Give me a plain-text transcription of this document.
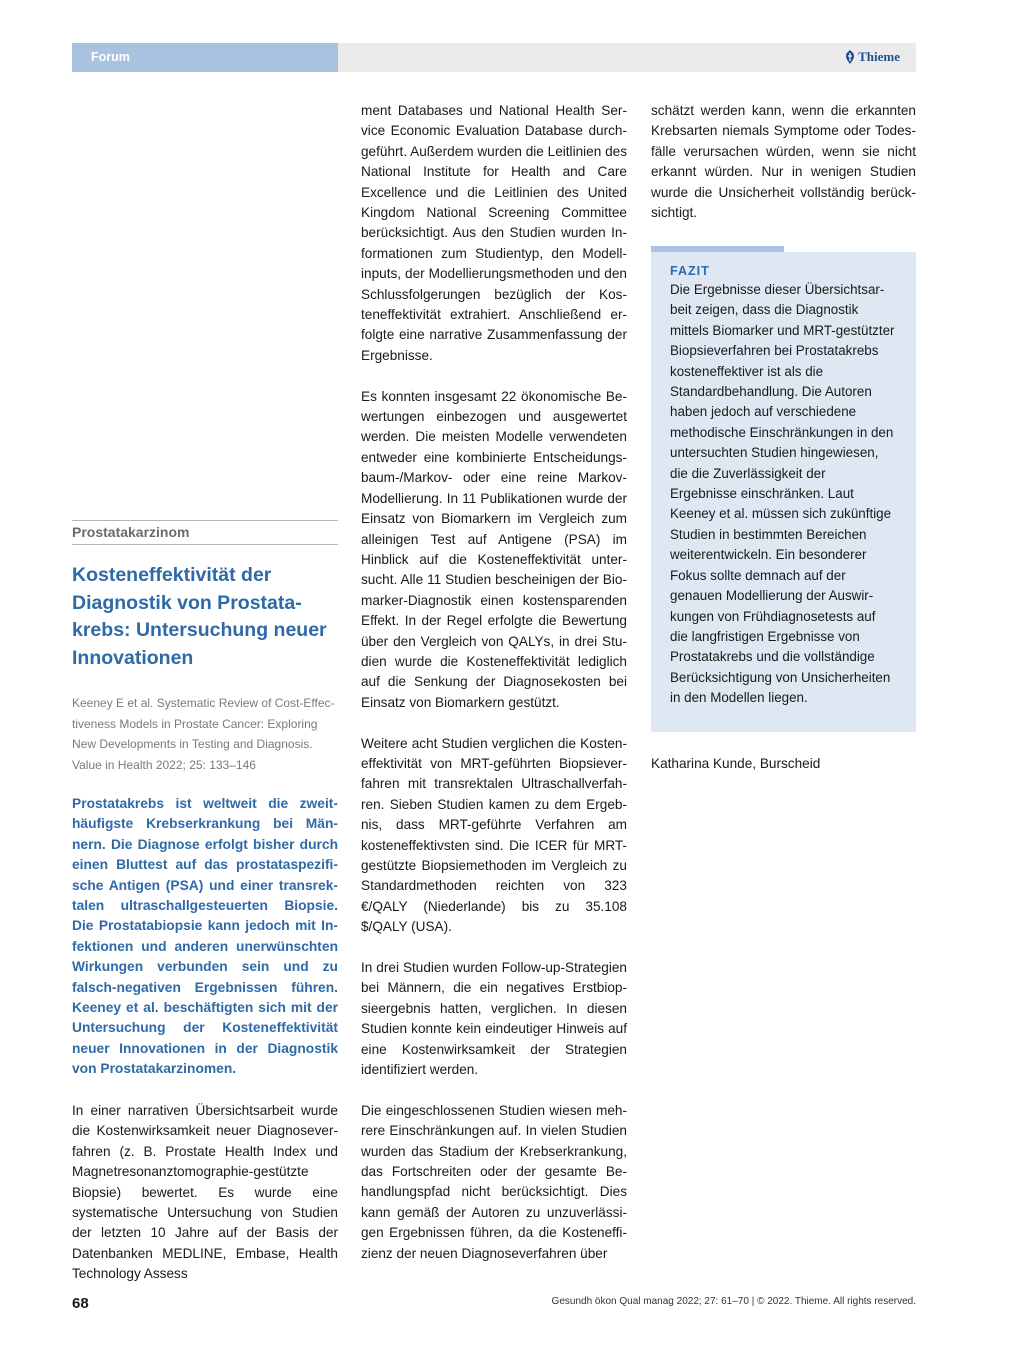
Forum	Thieme
Prostatakarzinom
Kosteneffektivität der Diagnostik von Prostatakrebs: Untersuchung neuer Innovationen
Keeney E et al. Systematic Review of Cost-Effectiveness Models in Prostate Cancer: Exploring New Developments in Testing and Diagnosis. Value in Health 2022; 25: 133–146
Prostatakrebs ist weltweit die zweithäufigste Krebserkrankung bei Männern. Die Diagnose erfolgt bisher durch einen Bluttest auf das prostataspezifische Antigen (PSA) und einer transrektalen ultraschallgesteuerten Biopsie. Die Prostatabiopsie kann jedoch mit Infektionen und anderen unerwünschten Wirkungen verbunden sein und zu falsch-negativen Ergebnissen führen. Keeney et al. beschäftigten sich mit der Untersuchung der Kosteneffektivität neuer Innovationen in der Diagnostik von Prostatakarzinomen.

In einer narrativen Übersichtsarbeit wurde die Kostenwirksamkeit neuer Diagnoseverfahren (z. B. Prostate Health Index und Magnetresonanztomographie-gestützte Biopsie) bewertet. Es wurde eine systematische Untersuchung von Studien der letzten 10 Jahre auf der Basis der Datenbanken MEDLINE, Embase, Health Technology Assess

ment Databases und National Health Service Economic Evaluation Database durchgeführt. Außerdem wurden die Leitlinien des National Institute for Health and Care Excellence und die Leitlinien des United Kingdom National Screening Committee berücksichtigt. Aus den Studien wurden Informationen zum Studientyp, den Modellinputs, der Modellierungsmethoden und den Schlussfolgerungen bezüglich der Kosteneffektivität extrahiert. Anschließend erfolgte eine narrative Zusammenfassung der Ergebnisse.

Es konnten insgesamt 22 ökonomische Bewertungen einbezogen und ausgewertet werden. Die meisten Modelle verwendeten entweder eine kombinierte Entscheidungsbaum-/Markov- oder eine reine Markov-Modellierung. In 11 Publikationen wurde der Einsatz von Biomarkern im Vergleich zum alleinigen Test auf Antigene (PSA) im Hinblick auf die Kosteneffektivität untersucht. Alle 11 Studien bescheinigen der Biomarker-Diagnostik einen kostensparenden Effekt. In der Regel erfolgte die Bewertung über den Vergleich von QALYs, in drei Studien wurde die Kosteneffektivität lediglich auf die Senkung der Diagnosekosten bei Einsatz von Biomarkern gestützt.

Weitere acht Studien verglichen die Kosteneffektivität von MRT-geführten Biopsieverfahren mit transrektalen Ultraschallverfahren. Sieben Studien kamen zu dem Ergebnis, dass MRT-geführte Verfahren am kosteneffektivsten sind. Die ICER für MRT-gestützte Biopsiemethoden im Vergleich zu Standardmethoden reichten von 323 €/QALY (Niederlande) bis zu 35.108 $/QALY (USA).

In drei Studien wurden Follow-up-Strategien bei Männern, die ein negatives Erstbiopsieergebnis hatten, verglichen. In diesen Studien konnte kein eindeutiger Hinweis auf eine Kostenwirksamkeit der Strategien identifiziert werden.

Die eingeschlossenen Studien wiesen mehrere Einschränkungen auf. In vielen Studien wurden das Stadium der Krebserkrankung, das Fortschreiten oder der gesamte Behandlungspfad nicht berücksichtigt. Dies kann gemäß der Autoren zu unzuverlässigen Ergebnissen führen, da die Kosteneffizienz der neuen Diagnoseverfahren über

schätzt werden kann, wenn die erkannten Krebsarten niemals Symptome oder Todesfälle verursachen würden, wenn sie nicht erkannt würden. Nur in wenigen Studien wurde die Unsicherheit vollständig berücksichtigt.

FAZIT
Die Ergebnisse dieser Übersichtsarbeit zeigen, dass die Diagnostik mittels Biomarker und MRT-gestützter Biopsieverfahren bei Prostatakrebs kosteneffektiver ist als die Standardbehandlung. Die Autoren haben jedoch auf verschiedene methodische Einschränkungen in den untersuchten Studien hingewiesen, die die Zuverlässigkeit der Ergebnisse einschränken. Laut Keeney et al. müssen sich zukünftige Studien in bestimmten Bereichen weiterentwickeln. Ein besonderer Fokus sollte demnach auf der genauen Modellierung der Auswirkungen von Frühdiagnosetests auf die langfristigen Ergebnisse von Prostatakrebs und die vollständige Berücksichtigung von Unsicherheiten in den Modellen liegen.
Katharina Kunde, Burscheid
68	Gesundh ökon Qual manag 2022; 27: 61–70 | © 2022. Thieme. All rights reserved.
